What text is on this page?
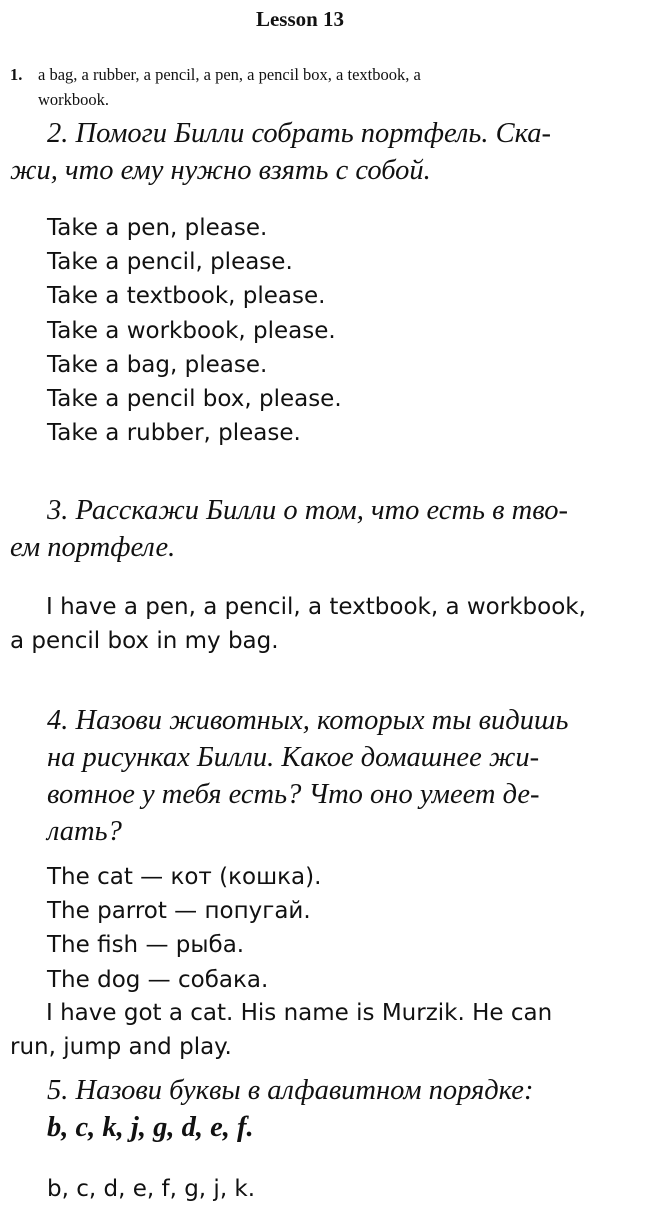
Lesson 13
1. a bag, a rubber, a pencil, a pen, a pencil box, a textbook, a
workbook.
2. Помоги Билли собрать портфель. Ска-
жи, что ему нужно взять с собой.
Take a pen, please.
Take a pencil, please.
Take a textbook, please.
Take a workbook, please.
Take a bag, please.
Take a pencil box, please.
Take a rubber, please.
3. Расскажи Билли о том, что есть в тво-
ем портфеле.
I have a pen, a pencil, a textbook, a workbook,
a pencil box in my bag.
4. Назови животных, которых ты видишь
на рисунках Билли. Какое домашнее жи-
вотное у тебя есть? Что оно умеет де-
лать?
The cat — кот (кошка).
The parrot — попугай.
The fish — рыба.
The dog — собака.
I have got a cat. His name is Murzik. He can
run, jump and play.
5. Назови буквы в алфавитном порядке:
b, c, k, j, g, d, e, f.
b, c, d, e, f, g, j, k.
